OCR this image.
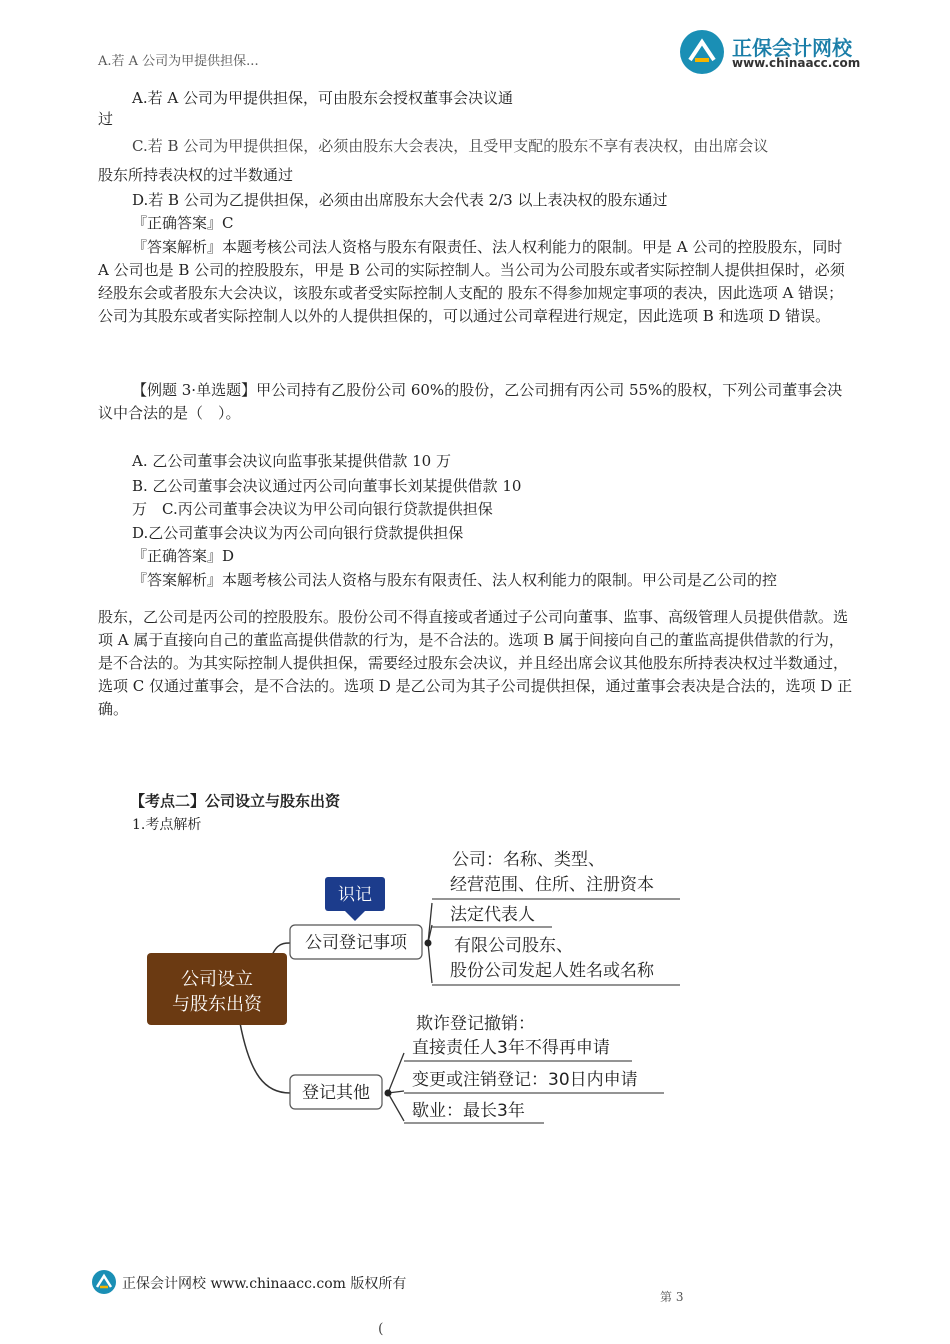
A.若 A 公司为甲提供担保...
正保会计网校
www.chinaacc.com
A.若 A 公司为甲提供担保，可由股东会授权董事会决议通
过
C.若 B 公司为甲提供担保，必须由股东大会表决，且受甲支配的股东不享有表决权，由出席会议
股东所持表决权的过半数通过
D.若 B 公司为乙提供担保，必须由出席股东大会代表 2/3 以上表决权的股东通过
『正确答案』C
『答案解析』本题考核公司法人资格与股东有限责任、法人权利能力的限制。甲是 A 公司的控股股东，同时 A 公司也是 B 公司的控股股东，甲是 B 公司的实际控制人。当公司为公司股东或者实际控制人提供担保时，必须经股东会或者股东大会决议，该股东或者受实际控制人支配的 股东不得参加规定事项的表决，因此选项 A 错误；公司为其股东或者实际控制人以外的人提供担保的，可以通过公司章程进行规定，因此选项 B 和选项 D 错误。
【例题 3·单选题】甲公司持有乙股份公司 60%的股份，乙公司拥有丙公司 55%的股权，下列公司董事会决议中合法的是（　）。
A. 乙公司董事会决议向监事张某提供借款 10 万
B. 乙公司董事会决议通过丙公司向董事长刘某提供借款 10
万　C.丙公司董事会决议为甲公司向银行贷款提供担保
D.乙公司董事会决议为丙公司向银行贷款提供担保
『正确答案』D
『答案解析』本题考核公司法人资格与股东有限责任、法人权利能力的限制。甲公司是乙公司的控
股东，乙公司是丙公司的控股股东。股份公司不得直接或者通过子公司向董事、监事、高级管理人员提供借款。选项 A 属于直接向自己的董监高提供借款的行为，是不合法的。选项 B 属于间接向自己的董监高提供借款的行为，是不合法的。为其实际控制人提供担保，需要经过股东会决议，并且经出席会议其他股东所持表决权过半数通过，选项 C 仅通过董事会，是不合法的。选项 D 是乙公司为其子公司提供担保，通过董事会表决是合法的，选项 D 正确。
【考点二】公司设立与股东出资
1.考点解析
公司设立
与股东出资
识记
公司登记事项
公司：名称、类型、
经营范围、住所、注册资本
法定代表人
有限公司股东、
股份公司发起人姓名或名称
登记其他
欺诈登记撤销：
直接责任人3年不得再申请
变更或注销登记：30日内申请
歇业：最长3年
正保会计网校 www.chinaacc.com 版权所有
第 3
(
